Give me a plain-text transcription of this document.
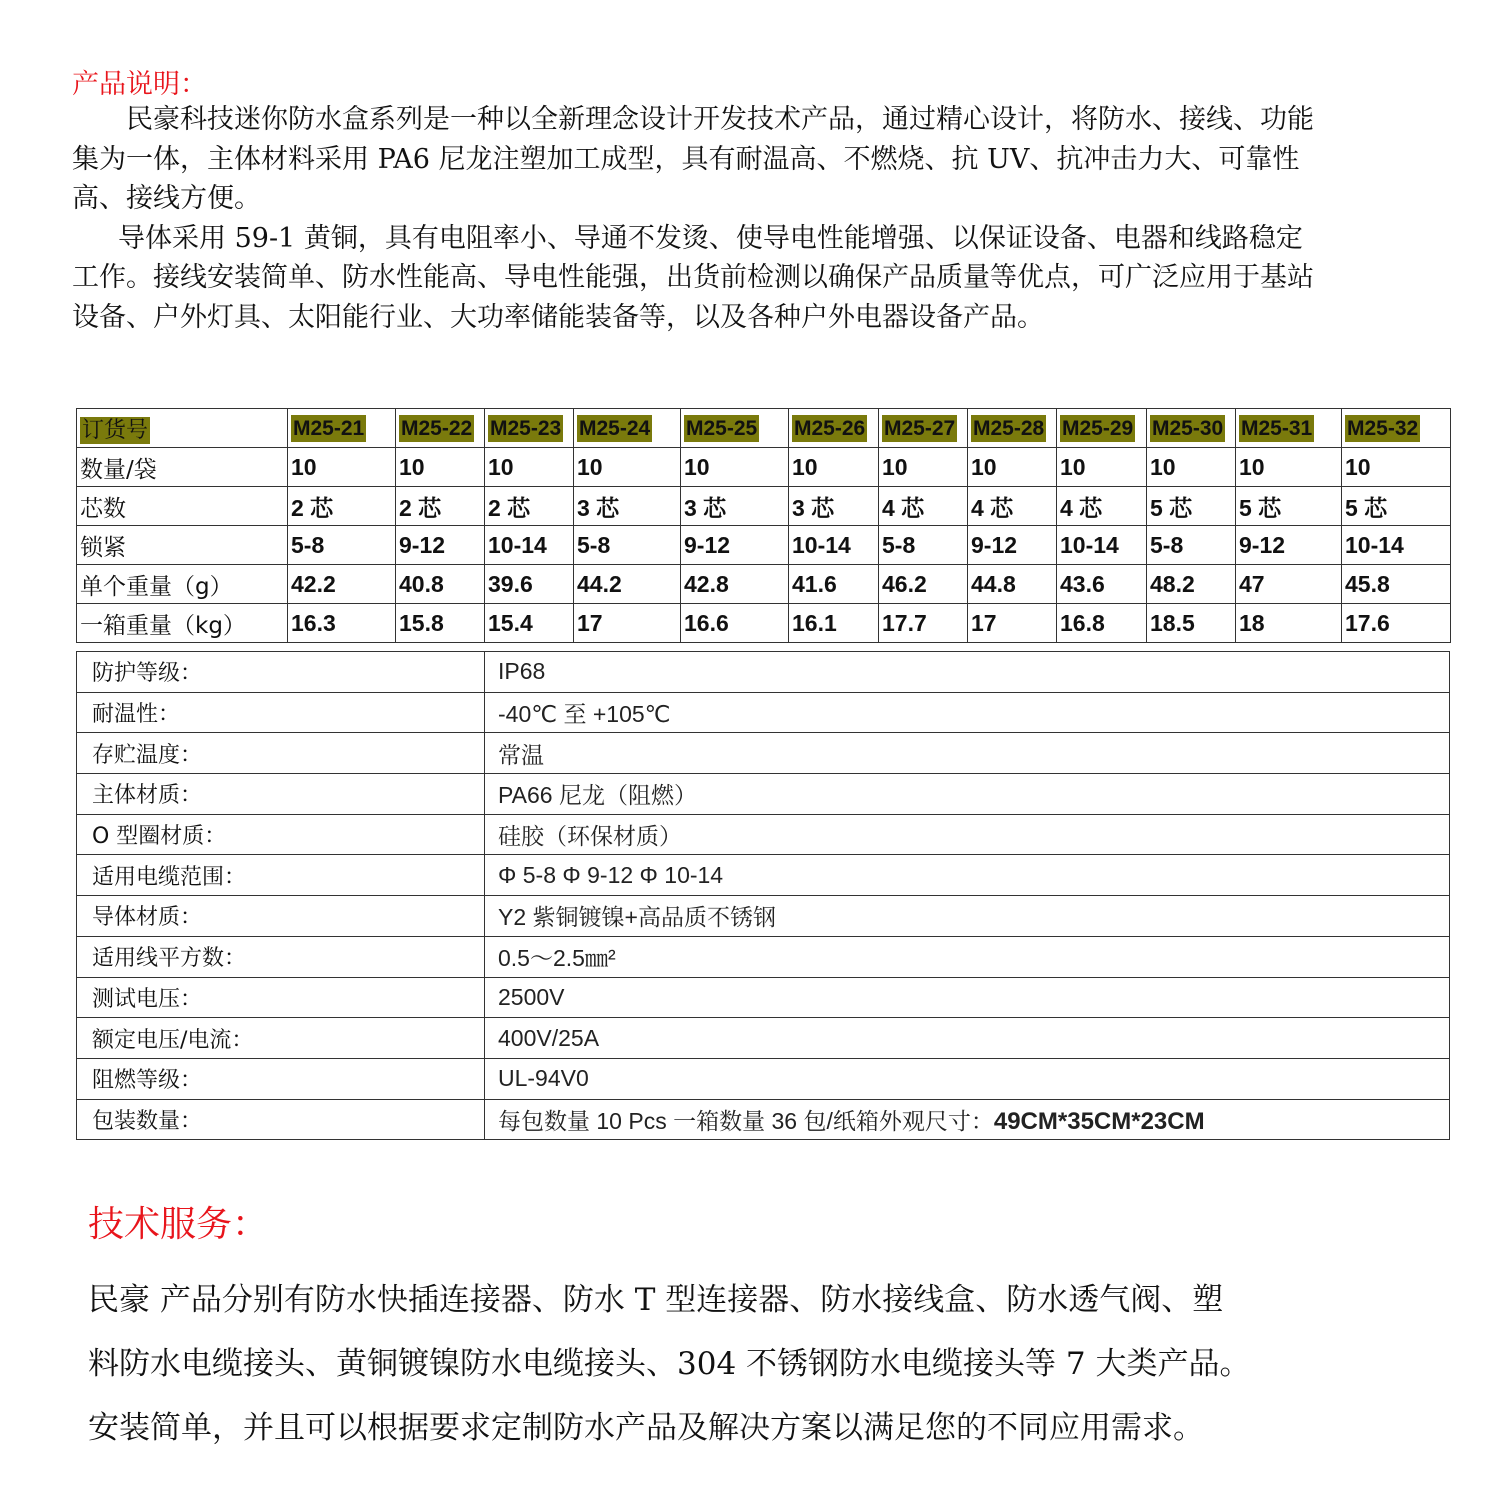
产品说明：

民豪科技迷你防水盒系列是一种以全新理念设计开发技术产品，通过精心设计，将防水、接线、功能集为一体，主体材料采用 PA6 尼龙注塑加工成型，具有耐温高、不燃烧、抗 UV、抗冲击力大、可靠性高、接线方便。

导体采用 59-1 黄铜，具有电阻率小、导通不发烫、使导电性能增强、以保证设备、电器和线路稳定工作。接线安装简单、防水性能高、导电性能强，出货前检测以确保产品质量等优点，可广泛应用于基站设备、户外灯具、太阳能行业、大功率储能装备等，以及各种户外电器设备产品。

订货号	M25-21	M25-22	M25-23	M25-24	M25-25	M25-26	M25-27	M25-28	M25-29	M25-30	M25-31	M25-32
数量/袋	10	10	10	10	10	10	10	10	10	10	10	10
芯数	2 芯	2 芯	2 芯	3 芯	3 芯	3 芯	4 芯	4 芯	4 芯	5 芯	5 芯	5 芯
锁紧	5-8	9-12	10-14	5-8	9-12	10-14	5-8	9-12	10-14	5-8	9-12	10-14
单个重量（g）	42.2	40.8	39.6	44.2	42.8	41.6	46.2	44.8	43.6	48.2	47	45.8
一箱重量（kg）	16.3	15.8	15.4	17	16.6	16.1	17.7	17	16.8	18.5	18	17.6
防护等级：	IP68
耐温性：	-40℃ 至 +105℃
存贮温度：	常温
主体材质：	PA66 尼龙（阻燃）
O 型圈材质：	硅胶（环保材质）
适用电缆范围：	Φ 5-8 Φ 9-12 Φ 10-14
导体材质：	Y2 紫铜镀镍+高品质不锈钢
适用线平方数：	0.5～2.5㎜²
测试电压：	2500V
额定电压/电流：	400V/25A
阻燃等级：	UL-94V0
包装数量：	每包数量 10 Pcs 一箱数量 36 包/纸箱外观尺寸：49CM*35CM*23CM
技术服务：

民豪 产品分别有防水快插连接器、防水 T 型连接器、防水接线盒、防水透气阀、塑

料防水电缆接头、黄铜镀镍防水电缆接头、304 不锈钢防水电缆接头等 7 大类产品。

安装简单，并且可以根据要求定制防水产品及解决方案以满足您的不同应用需求。
